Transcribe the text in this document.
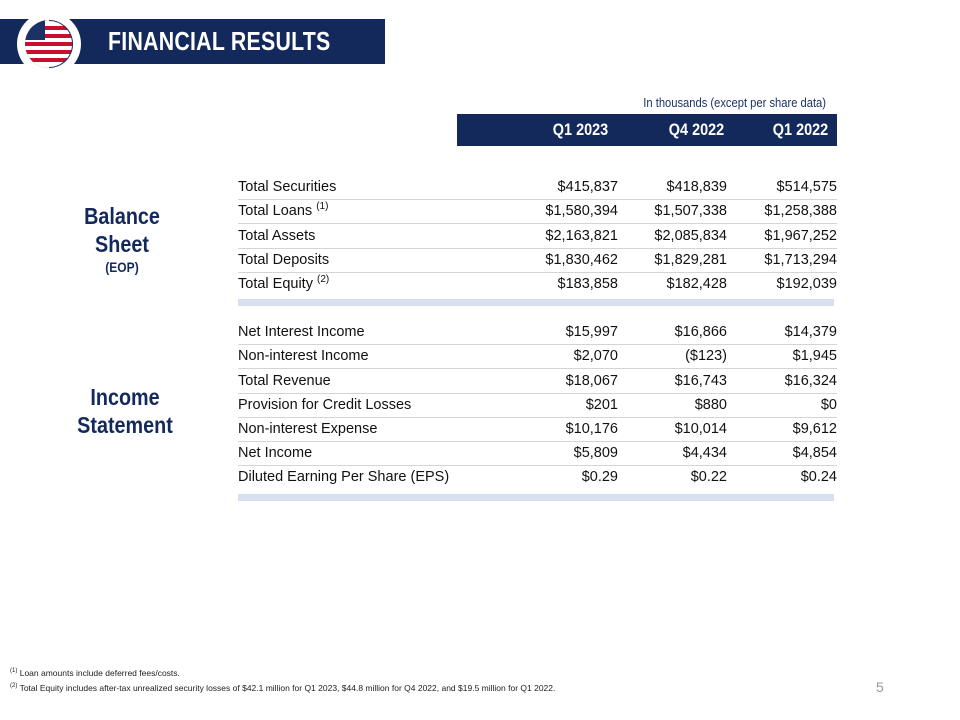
FINANCIAL RESULTS
In thousands (except per share data)
Q1 2023	Q4 2022	Q1 2022
Balance
Sheet
(EOP)
Income
Statement
Total Securities	$415,837	$418,839	$514,575
Total Loans $^{(1)}$	$1,580,394	$1,507,338	$1,258,388
Total Assets	$2,163,821	$2,085,834	$1,967,252
Total Deposits	$1,830,462	$1,829,281	$1,713,294
Total Equity $^{(2)}$	$183,858	$182,428	$192,039
Net Interest Income	$15,997	$16,866	$14,379
Non-interest Income	$2,070	($123)	$1,945
Total Revenue	$18,067	$16,743	$16,324
Provision for Credit Losses	$201	$880	$0
Non-interest Expense	$10,176	$10,014	$9,612
Net Income	$5,809	$4,434	$4,854
Diluted Earning Per Share (EPS)	$0.29	$0.22	$0.24
$^{(1)}$ Loan amounts include deferred fees/costs.
$^{(2)}$ Total Equity includes after-tax unrealized security losses of $42.1 million for Q1 2023, $44.8 million for Q4 2022, and $19.5 million for Q1 2022.	5
